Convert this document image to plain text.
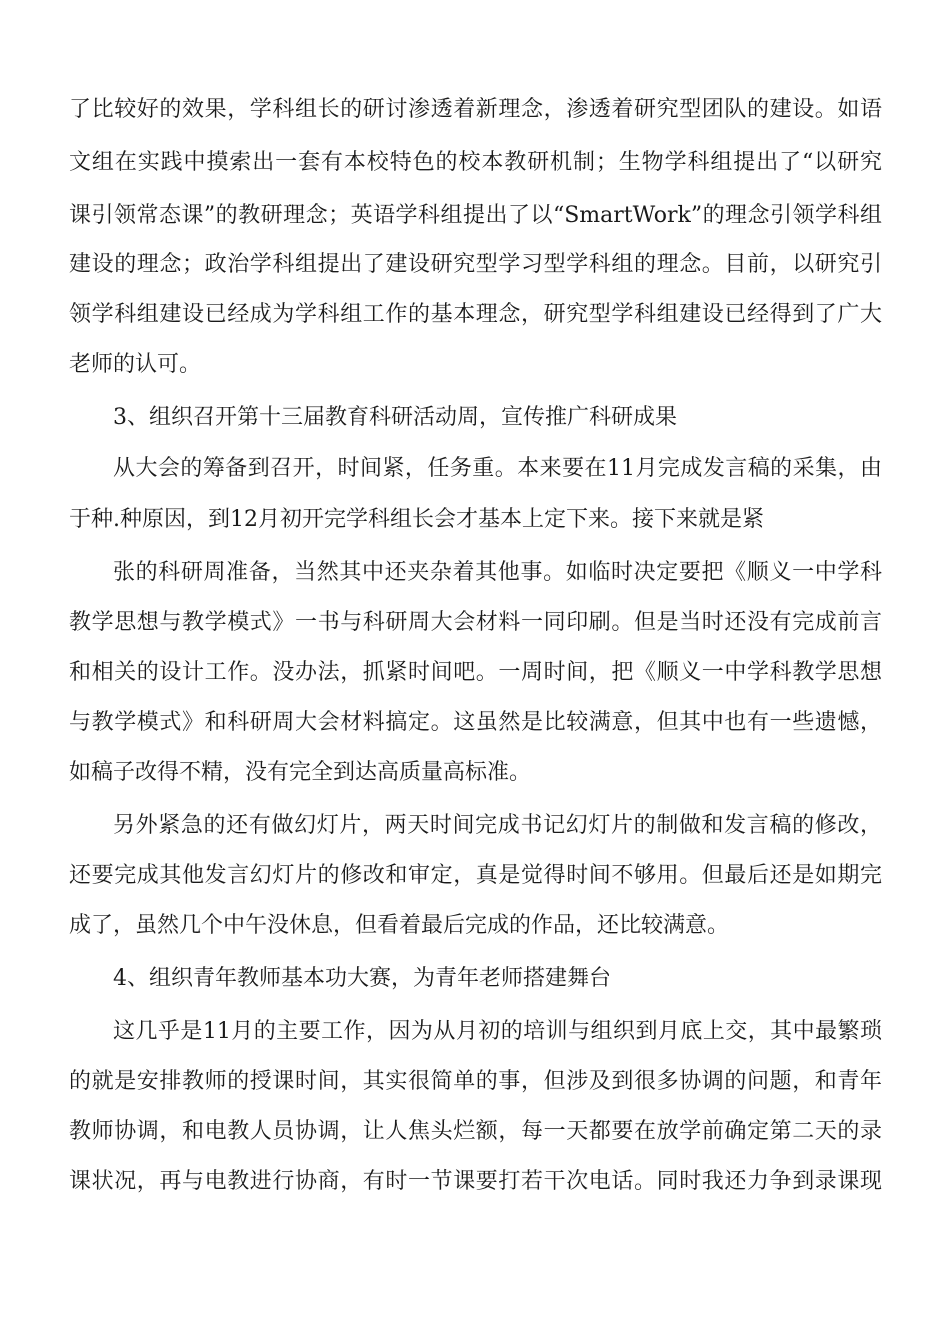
了比较好的效果，学科组长的研讨渗透着新理念，渗透着研究型团队的建设。如语
文组在实践中摸索出一套有本校特色的校本教研机制；生物学科组提出了“以研究
课引领常态课”的教研理念；英语学科组提出了以“SmartWork”的理念引领学科组
建设的理念；政治学科组提出了建设研究型学习型学科组的理念。目前，以研究引
领学科组建设已经成为学科组工作的基本理念，研究型学科组建设已经得到了广大
老师的认可。
3、组织召开第十三届教育科研活动周，宣传推广科研成果
从大会的筹备到召开，时间紧，任务重。本来要在11月完成发言稿的采集，由
于种.种原因，到12月初开完学科组长会才基本上定下来。接下来就是紧
张的科研周准备，当然其中还夹杂着其他事。如临时决定要把《顺义一中学科
教学思想与教学模式》一书与科研周大会材料一同印刷。但是当时还没有完成前言
和相关的设计工作。没办法，抓紧时间吧。一周时间，把《顺义一中学科教学思想
与教学模式》和科研周大会材料搞定。这虽然是比较满意，但其中也有一些遗憾，
如稿子改得不精，没有完全到达高质量高标准。
另外紧急的还有做幻灯片，两天时间完成书记幻灯片的制做和发言稿的修改，
还要完成其他发言幻灯片的修改和审定，真是觉得时间不够用。但最后还是如期完
成了，虽然几个中午没休息，但看着最后完成的作品，还比较满意。
4、组织青年教师基本功大赛，为青年老师搭建舞台
这几乎是11月的主要工作，因为从月初的培训与组织到月底上交，其中最繁琐
的就是安排教师的授课时间，其实很简单的事，但涉及到很多协调的问题，和青年
教师协调，和电教人员协调，让人焦头烂额，每一天都要在放学前确定第二天的录
课状况，再与电教进行协商，有时一节课要打若干次电话。同时我还力争到录课现
